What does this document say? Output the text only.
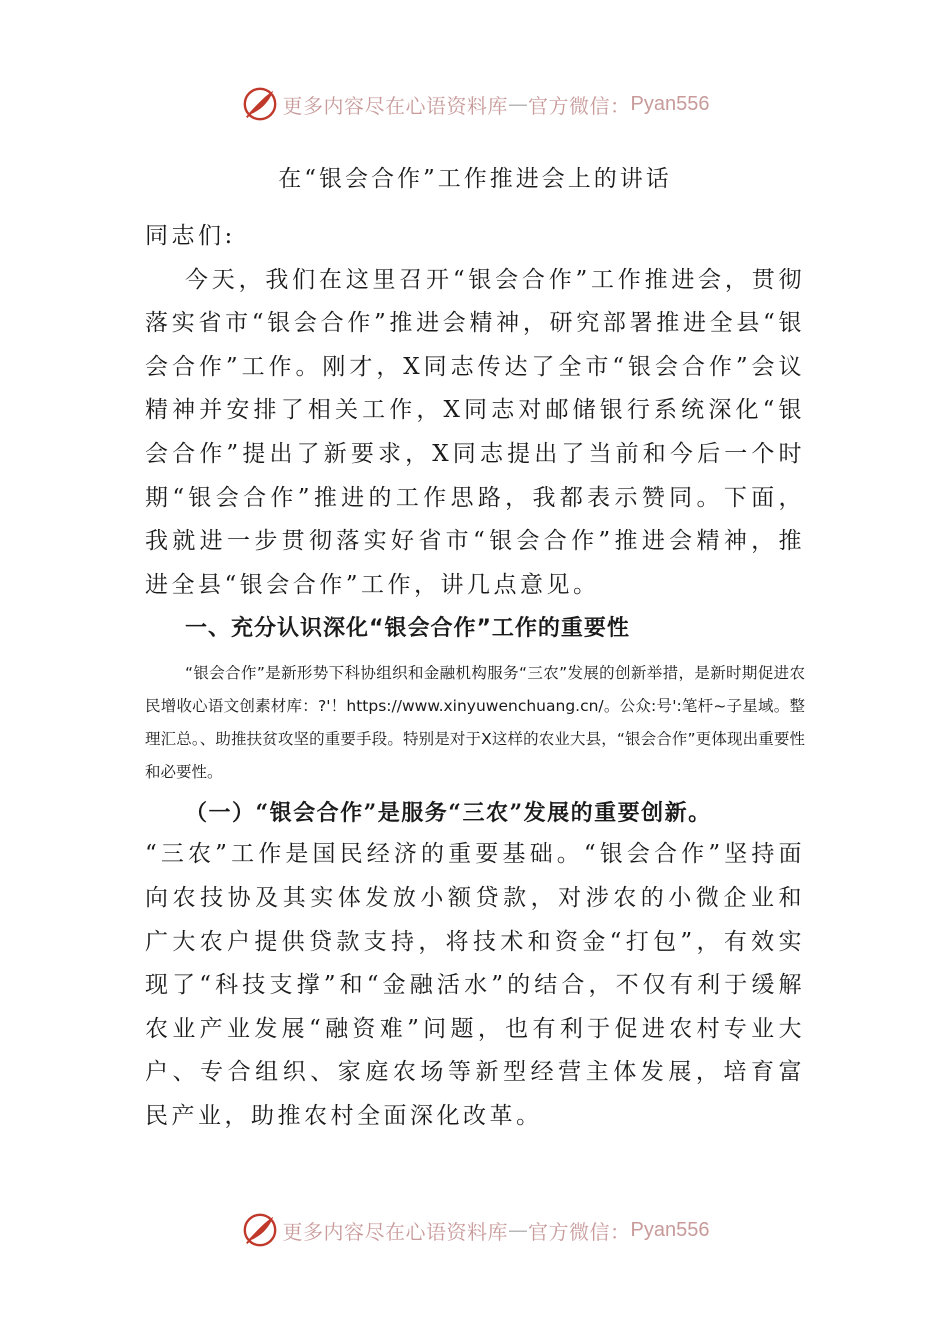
更多内容尽在心语资料库 — 官方微信： Pyan556
在“银会合作”工作推进会上的讲话

同志们:

今天，我们在这里召开“银会合作”工作推进会，贯彻落实省市“银会合作”推进会精神，研究部署推进全县“银会合作”工作。刚才，X同志传达了全市“银会合作”会议精神并安排了相关工作，X同志对邮储银行系统深化“银会合作”提出了新要求，X同志提出了当前和今后一个时期“银会合作”推进的工作思路，我都表示赞同。下面，我就进一步贯彻落实好省市“银会合作”推进会精神，推进全县“银会合作”工作，讲几点意见。

一、充分认识深化“银会合作”工作的重要性

“银会合作”是新形势下科协组织和金融机构服务“三农”发展的创新举措，是新时期促进农民增收心语文创素材库：?'！https://www.xinyuwenchuang.cn/。公众:号':笔杆~子星域。整理汇总。、助推扶贫攻坚的重要手段。特别是对于X这样的农业大县，“银会合作”更体现出重要性和必要性。

（一）“银会合作”是服务“三农”发展的重要创新。

“三农”工作是国民经济的重要基础。“银会合作”坚持面向农技协及其实体发放小额贷款，对涉农的小微企业和广大农户提供贷款支持，将技术和资金“打包”，有效实现了“科技支撑”和“金融活水”的结合，不仅有利于缓解农业产业发展“融资难”问题，也有利于促进农村专业大户、专合组织、家庭农场等新型经营主体发展，培育富民产业，助推农村全面深化改革。

更多内容尽在心语资料库 — 官方微信： Pyan556
